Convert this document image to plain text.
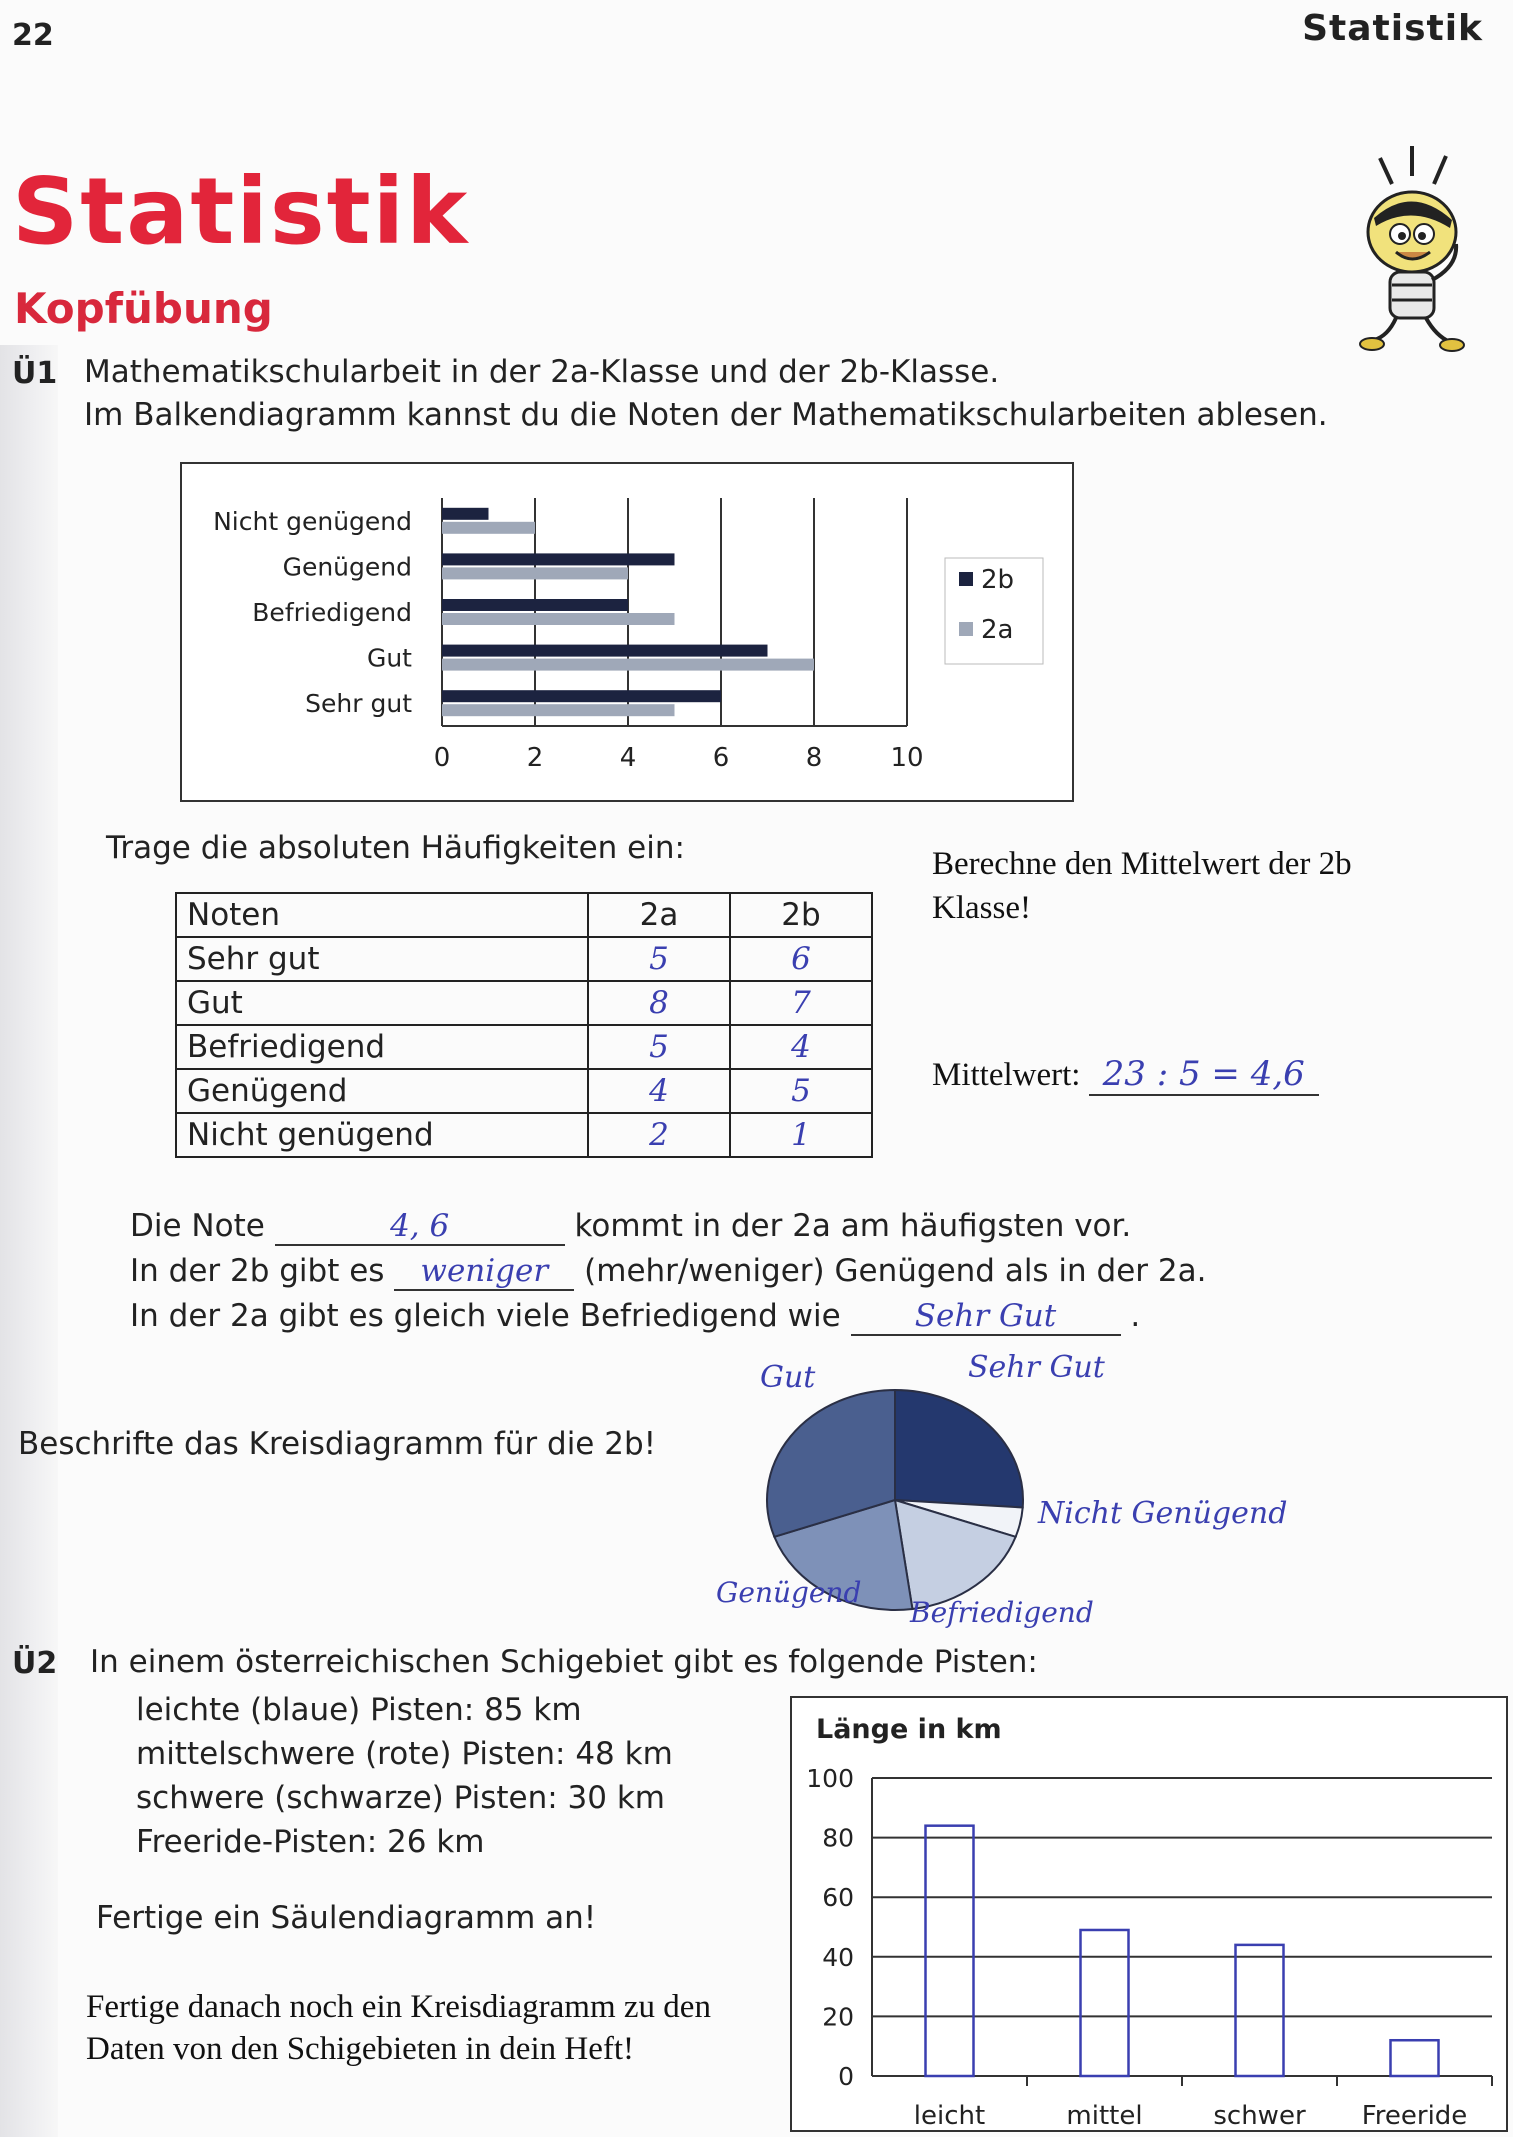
22	Statistik
Statistik
Kopfübung
Ü1 Mathematikschularbeit in der 2a-Klasse und der 2b-Klasse.
Im Balkendiagramm kannst du die Noten der Mathematikschularbeiten ablesen.
0	2	4	6	8	10
Nicht genügend
Genügend
Befriedigend
Gut
Sehr gut
2b
2a
Trage die absoluten Häufigkeiten ein:
Noten	2a	2b
Sehr gut	5	6
Gut	8	7
Befriedigend	5	4
Genügend	4	5
Nicht genügend	2	1
Berechne den Mittelwert der 2b Klasse!
Mittelwert: 23 : 5 = 4,6
Die Note	4, 6	kommt in der 2a am häufigsten vor.
In der 2b gibt es weniger (mehr/weniger) Genügend als in der 2a.
In der 2a gibt es gleich viele Befriedigend wie Sehr Gut .
Beschrifte das Kreisdiagramm für die 2b!
Gut	Sehr Gut
Nicht Genügend
Genügend
Befriedigend
Ü2 In einem österreichischen Schigebiet gibt es folgende Pisten:
leichte (blaue) Pisten: 85 km
mittelschwere (rote) Pisten: 48 km
schwere (schwarze) Pisten: 30 km
Freeride-Pisten: 26 km
Fertige ein Säulendiagramm an!
Fertige danach noch ein Kreisdiagramm zu den Daten von den Schigebieten in dein Heft!
Länge in km
0
20
40
60
80
100
leicht	mittel	schwer Freeride
